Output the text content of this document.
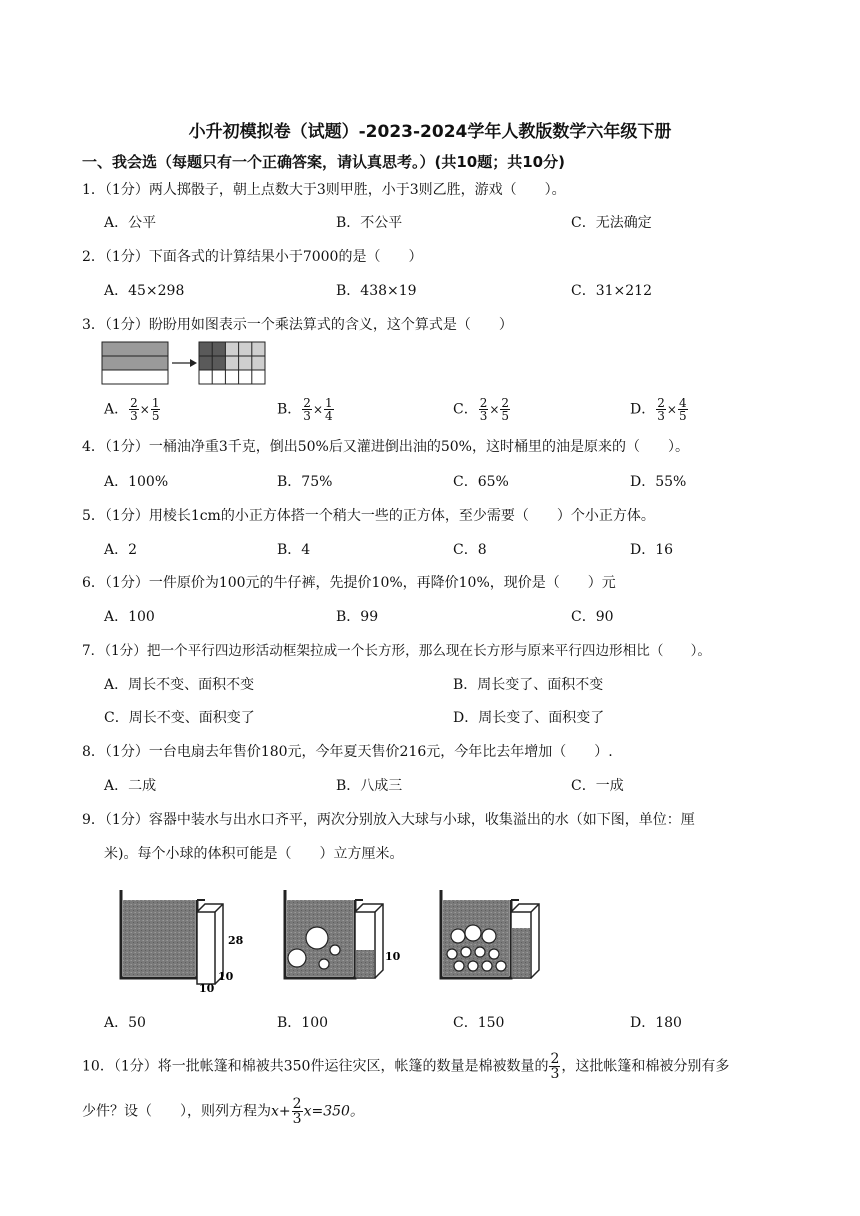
小升初模拟卷（试题）-2023-2024学年人教版数学六年级下册
一、我会选（每题只有一个正确答案，请认真思考。）(共10题；共10分)
1．（1分）两人掷骰子，朝上点数大于3则甲胜，小于3则乙胜，游戏（　　）。
A．公平	B．不公平	C．无法确定
2．（1分）下面各式的计算结果小于7000的是（　　）
A．45×298	B．438×19	C．31×212
3．（1分）盼盼用如图表示一个乘法算式的含义，这个算式是（　　）
A． $\frac{2}{3} \times \frac{1}{5}$	B． $\frac{2}{3} \times \frac{1}{4}$	C． $\frac{2}{3} \times \frac{2}{5}$	D． $\frac{2}{3} \times \frac{4}{5}$
4．（1分）一桶油净重3千克，倒出50%后又灌进倒出油的50%，这时桶里的油是原来的（　　）。
A．100%	B．75%	C．65%	D．55%
5．（1分）用棱长1cm的小正方体搭一个稍大一些的正方体，至少需要（　　）个小正方体。
A．2	B．4	C．8	D．16
6．（1分）一件原价为100元的牛仔裤，先提价10%，再降价10%，现价是（　　）元
A．100	B．99	C．90
7．（1分）把一个平行四边形活动框架拉成一个长方形，那么现在长方形与原来平行四边形相比（　　）。
A．周长不变、面积不变	B．周长变了、面积不变
C．周长不变、面积变了	D．周长变了、面积变了
8．（1分）一台电扇去年售价180元，今年夏天售价216元，今年比去年增加（　　）.
A．二成	B．八成三	C．一成
9．（1分）容器中装水与出水口齐平，两次分别放入大球与小球，收集溢出的水（如下图，单位：厘
米)。每个小球的体积可能是（　　）立方厘米。
28
10
10
10
A．50	B．100	C．150	D．180
10．（1分）将一批帐篷和棉被共350件运往灾区，帐篷的数量是棉被数量的 $\frac{2}{3}$ ，这批帐篷和棉被分别有多
少件？设（　　），则列方程为$x+ \frac{2}{3} x=350$。
